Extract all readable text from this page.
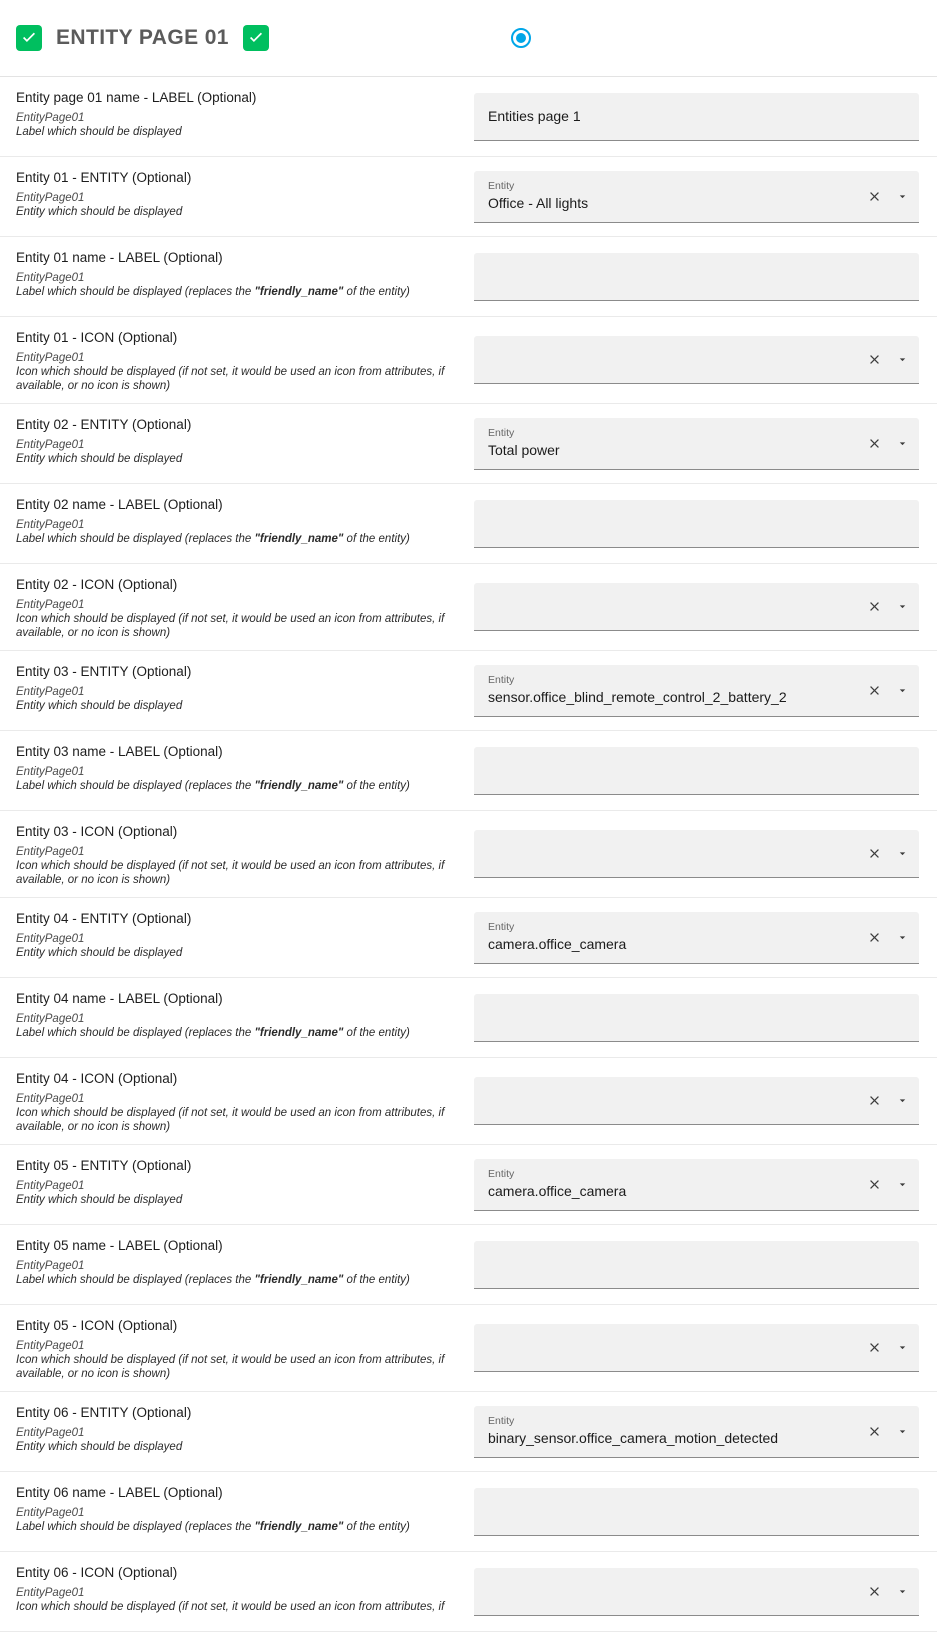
ENTITY PAGE 01
Entity page 01 name - LABEL (Optional)
EntityPage01
Label which should be displayed
Entities page 1
Entity 01 - ENTITY (Optional)
EntityPage01
Entity which should be displayed
Entity
Office - All lights
Entity 01 name - LABEL (Optional)
EntityPage01
Label which should be displayed (replaces the "friendly_name" of the entity)
Entity 01 - ICON (Optional)
EntityPage01
Icon which should be displayed (if not set, it would be used an icon from attributes, if available, or no icon is shown)
Entity 02 - ENTITY (Optional)
EntityPage01
Entity which should be displayed
Entity
Total power
Entity 02 name - LABEL (Optional)
EntityPage01
Label which should be displayed (replaces the "friendly_name" of the entity)
Entity 02 - ICON (Optional)
EntityPage01
Icon which should be displayed (if not set, it would be used an icon from attributes, if available, or no icon is shown)
Entity 03 - ENTITY (Optional)
EntityPage01
Entity which should be displayed
Entity
sensor.office_blind_remote_control_2_battery_2
Entity 03 name - LABEL (Optional)
EntityPage01
Label which should be displayed (replaces the "friendly_name" of the entity)
Entity 03 - ICON (Optional)
EntityPage01
Icon which should be displayed (if not set, it would be used an icon from attributes, if available, or no icon is shown)
Entity 04 - ENTITY (Optional)
EntityPage01
Entity which should be displayed
Entity
camera.office_camera
Entity 04 name - LABEL (Optional)
EntityPage01
Label which should be displayed (replaces the "friendly_name" of the entity)
Entity 04 - ICON (Optional)
EntityPage01
Icon which should be displayed (if not set, it would be used an icon from attributes, if available, or no icon is shown)
Entity 05 - ENTITY (Optional)
EntityPage01
Entity which should be displayed
Entity
camera.office_camera
Entity 05 name - LABEL (Optional)
EntityPage01
Label which should be displayed (replaces the "friendly_name" of the entity)
Entity 05 - ICON (Optional)
EntityPage01
Icon which should be displayed (if not set, it would be used an icon from attributes, if available, or no icon is shown)
Entity 06 - ENTITY (Optional)
EntityPage01
Entity which should be displayed
Entity
binary_sensor.office_camera_motion_detected
Entity 06 name - LABEL (Optional)
EntityPage01
Label which should be displayed (replaces the "friendly_name" of the entity)
Entity 06 - ICON (Optional)
EntityPage01
Icon which should be displayed (if not set, it would be used an icon from attributes, if
